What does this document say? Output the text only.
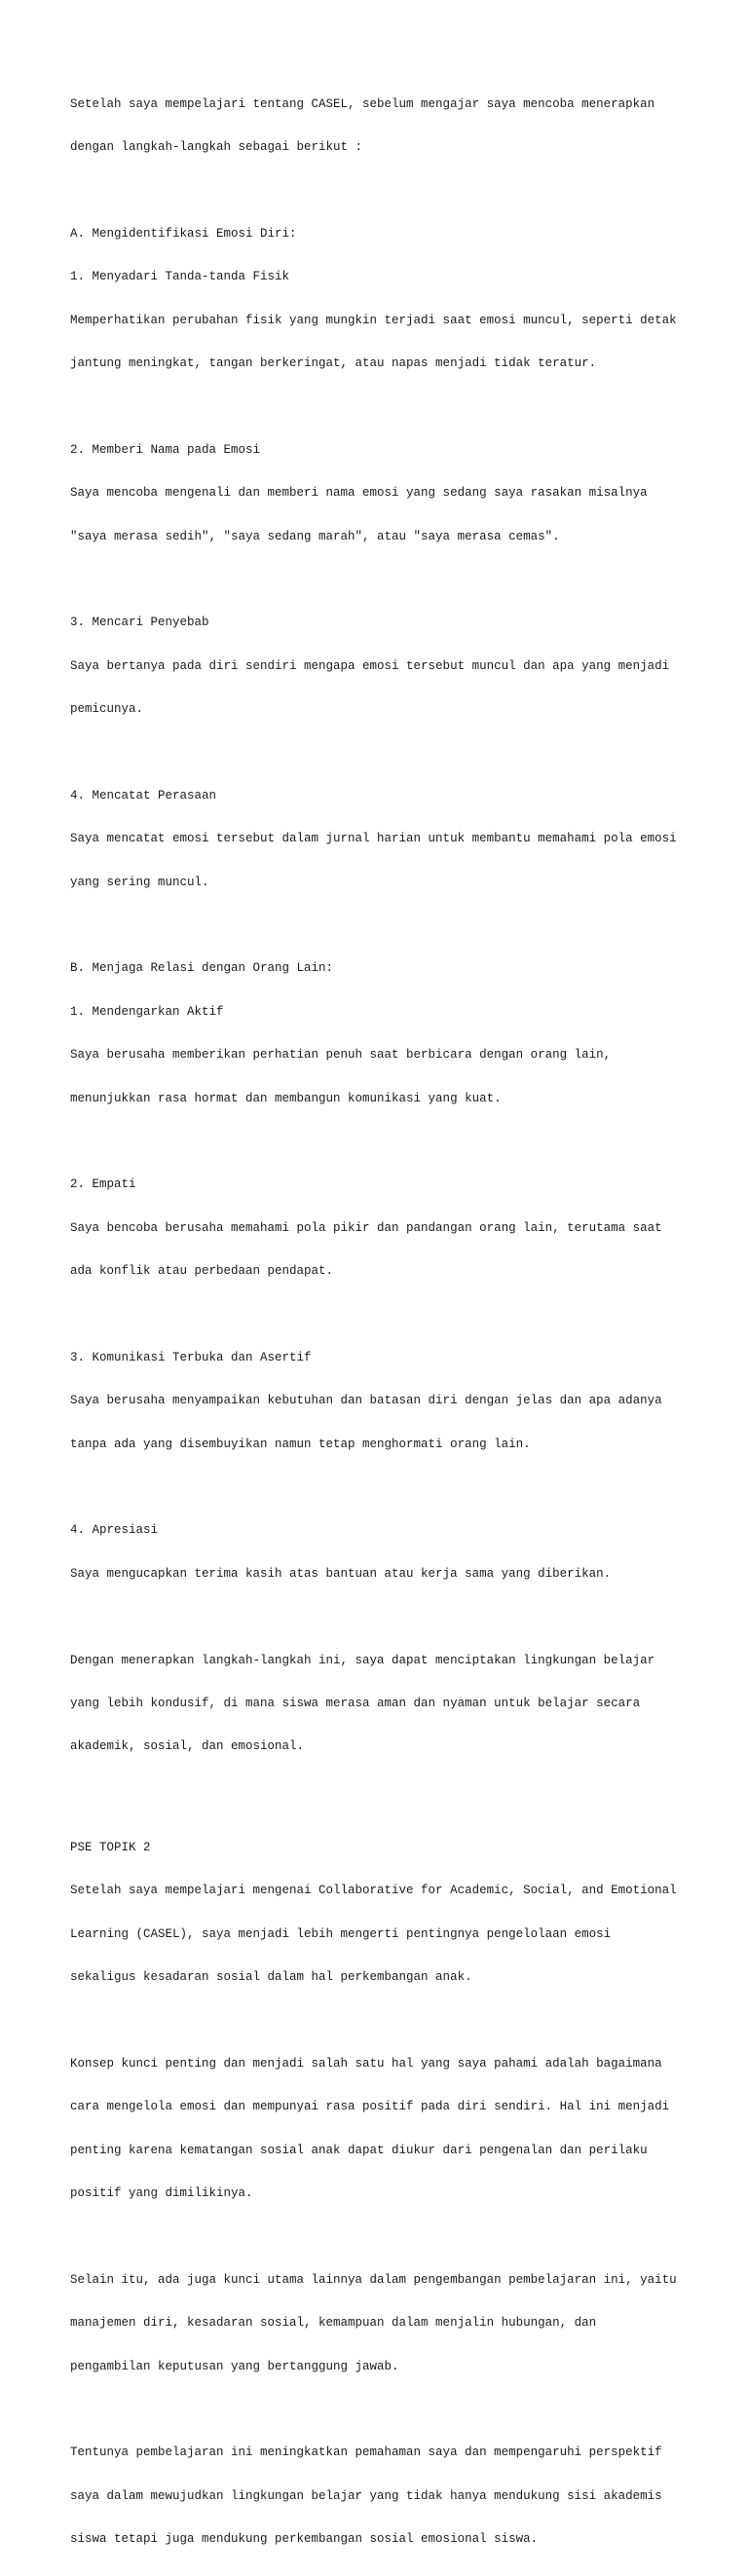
Setelah saya mempelajari tentang CASEL, sebelum mengajar saya mencoba menerapkan

dengan langkah-langkah sebagai berikut :

A. Mengidentifikasi Emosi Diri:

1. Menyadari Tanda-tanda Fisik

Memperhatikan perubahan fisik yang mungkin terjadi saat emosi muncul, seperti detak

jantung meningkat, tangan berkeringat, atau napas menjadi tidak teratur.

2. Memberi Nama pada Emosi

Saya mencoba mengenali dan memberi nama emosi yang sedang saya rasakan misalnya

"saya merasa sedih", "saya sedang marah", atau "saya merasa cemas".

3. Mencari Penyebab

Saya bertanya pada diri sendiri mengapa emosi tersebut muncul dan apa yang menjadi

pemicunya.

4. Mencatat Perasaan

Saya mencatat emosi tersebut dalam jurnal harian untuk membantu memahami pola emosi

yang sering muncul.

B. Menjaga Relasi dengan Orang Lain:

1. Mendengarkan Aktif

Saya berusaha memberikan perhatian penuh saat berbicara dengan orang lain,

menunjukkan rasa hormat dan membangun komunikasi yang kuat.

2. Empati

Saya bencoba berusaha memahami pola pikir dan pandangan orang lain, terutama saat

ada konflik atau perbedaan pendapat.

3. Komunikasi Terbuka dan Asertif

Saya berusaha menyampaikan kebutuhan dan batasan diri dengan jelas dan apa adanya

tanpa ada yang disembuyikan namun tetap menghormati orang lain.

4. Apresiasi

Saya mengucapkan terima kasih atas bantuan atau kerja sama yang diberikan.

Dengan menerapkan langkah-langkah ini, saya dapat menciptakan lingkungan belajar

yang lebih kondusif, di mana siswa merasa aman dan nyaman untuk belajar secara

akademik, sosial, dan emosional.

PSE TOPIK 2

Setelah saya mempelajari mengenai Collaborative for Academic, Social, and Emotional

Learning (CASEL), saya menjadi lebih mengerti pentingnya pengelolaan emosi

sekaligus kesadaran sosial dalam hal perkembangan anak.

Konsep kunci penting dan menjadi salah satu hal yang saya pahami adalah bagaimana

cara mengelola emosi dan mempunyai rasa positif pada diri sendiri. Hal ini menjadi

penting karena kematangan sosial anak dapat diukur dari pengenalan dan perilaku

positif yang dimilikinya.

Selain itu, ada juga kunci utama lainnya dalam pengembangan pembelajaran ini, yaitu

manajemen diri, kesadaran sosial, kemampuan dalam menjalin hubungan, dan

pengambilan keputusan yang bertanggung jawab.

Tentunya pembelajaran ini meningkatkan pemahaman saya dan mempengaruhi perspektif

saya dalam mewujudkan lingkungan belajar yang tidak hanya mendukung sisi akademis

siswa tetapi juga mendukung perkembangan sosial emosional siswa.
